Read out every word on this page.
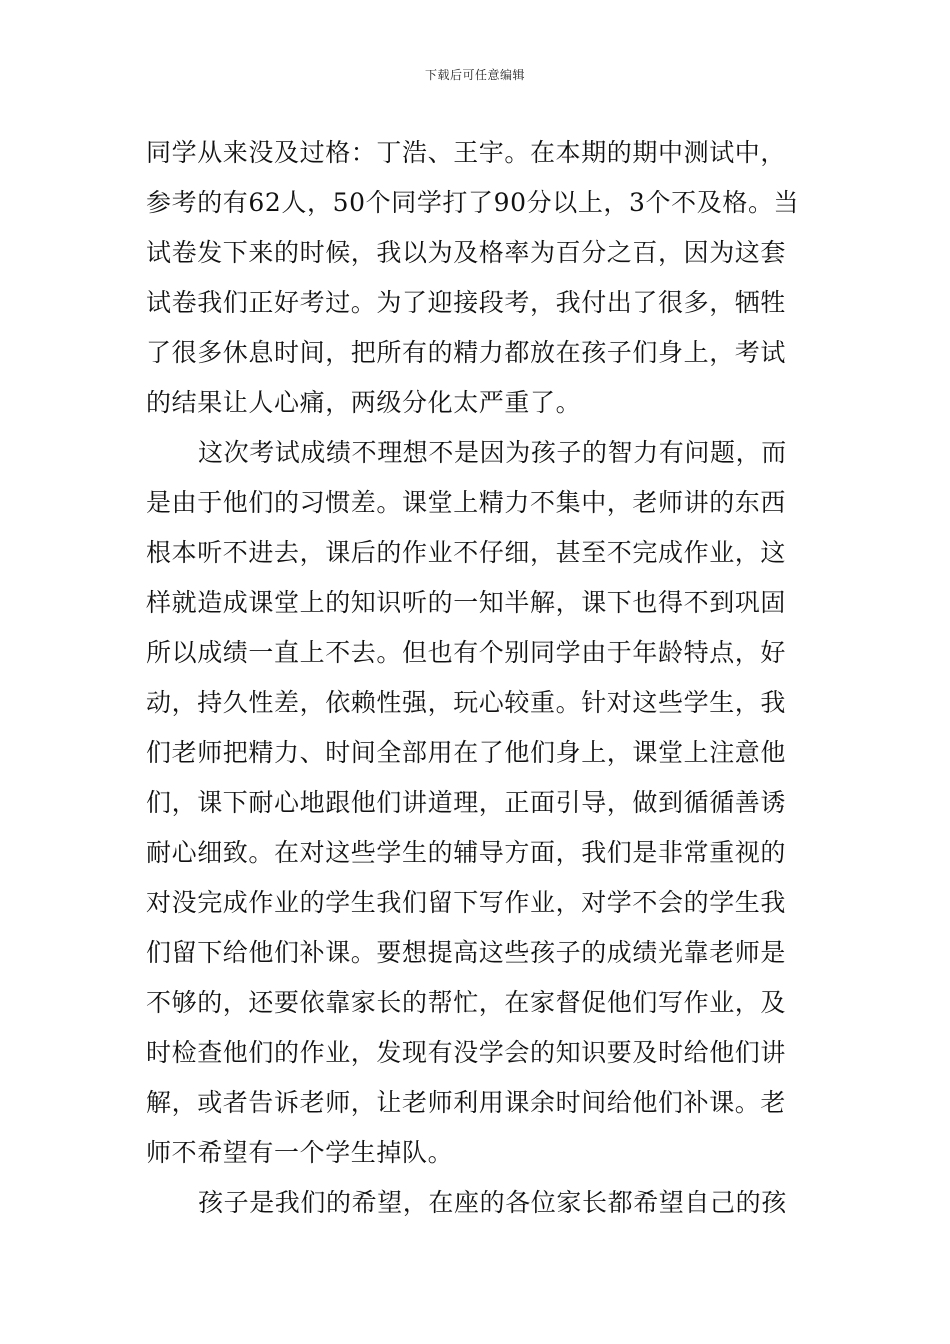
下载后可任意编辑
同学从来没及过格：丁浩、王宇。在本期的期中测试中，
参考的有62人，50个同学打了90分以上，3个不及格。当
试卷发下来的时候，我以为及格率为百分之百，因为这套
试卷我们正好考过。为了迎接段考，我付出了很多，牺牲
了很多休息时间，把所有的精力都放在孩子们身上，考试
的结果让人心痛，两级分化太严重了。
这次考试成绩不理想不是因为孩子的智力有问题，而
是由于他们的习惯差。课堂上精力不集中，老师讲的东西
根本听不进去，课后的作业不仔细，甚至不完成作业，这
样就造成课堂上的知识听的一知半解，课下也得不到巩固
所以成绩一直上不去。但也有个别同学由于年龄特点，好
动，持久性差，依赖性强，玩心较重。针对这些学生，我
们老师把精力、时间全部用在了他们身上，课堂上注意他
们，课下耐心地跟他们讲道理，正面引导，做到循循善诱
耐心细致。在对这些学生的辅导方面，我们是非常重视的
对没完成作业的学生我们留下写作业，对学不会的学生我
们留下给他们补课。要想提高这些孩子的成绩光靠老师是
不够的，还要依靠家长的帮忙，在家督促他们写作业，及
时检查他们的作业，发现有没学会的知识要及时给他们讲
解，或者告诉老师，让老师利用课余时间给他们补课。老
师不希望有一个学生掉队。
孩子是我们的希望，在座的各位家长都希望自己的孩
